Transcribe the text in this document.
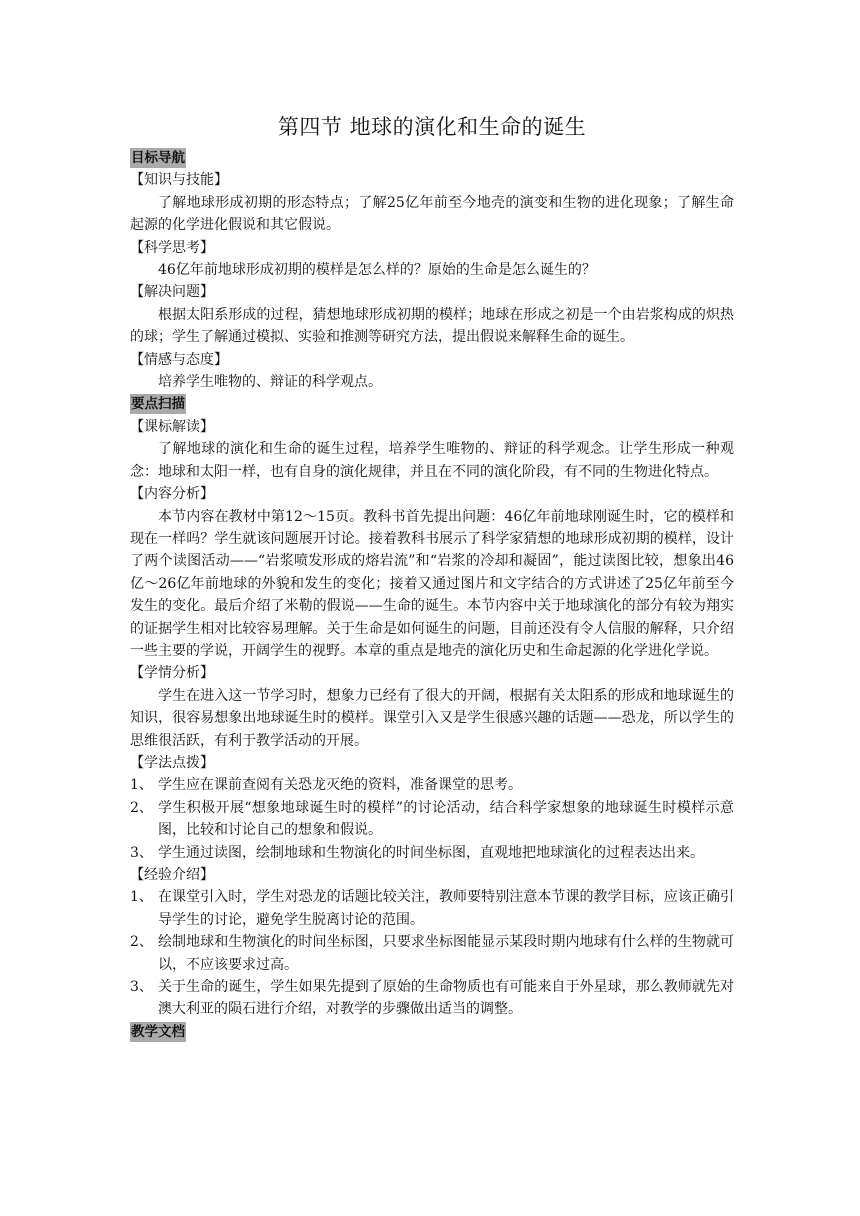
第四节 地球的演化和生命的诞生
目标导航

【知识与技能】

了解地球形成初期的形态特点；了解25亿年前至今地壳的演变和生物的进化现象；了解生命起源的化学进化假说和其它假说。

【科学思考】

46亿年前地球形成初期的模样是怎么样的？原始的生命是怎么诞生的？

【解决问题】

根据太阳系形成的过程，猜想地球形成初期的模样；地球在形成之初是一个由岩浆构成的炽热的球；学生了解通过模拟、实验和推测等研究方法，提出假说来解释生命的诞生。

【情感与态度】

培养学生唯物的、辩证的科学观点。

要点扫描

【课标解读】

了解地球的演化和生命的诞生过程，培养学生唯物的、辩证的科学观念。让学生形成一种观念：地球和太阳一样，也有自身的演化规律，并且在不同的演化阶段，有不同的生物进化特点。

【内容分析】

本节内容在教材中第12～15页。教科书首先提出问题：46亿年前地球刚诞生时，它的模样和现在一样吗？学生就该问题展开讨论。接着教科书展示了科学家猜想的地球形成初期的模样，设计了两个读图活动——“岩浆喷发形成的熔岩流”和“岩浆的冷却和凝固”，能过读图比较，想象出46亿～26亿年前地球的外貌和发生的变化；接着又通过图片和文字结合的方式讲述了25亿年前至今发生的变化。最后介绍了米勒的假说——生命的诞生。本节内容中关于地球演化的部分有较为翔实的证据学生相对比较容易理解。关于生命是如何诞生的问题，目前还没有令人信服的解释，只介绍一些主要的学说，开阔学生的视野。本章的重点是地壳的演化历史和生命起源的化学进化学说。

【学情分析】

学生在进入这一节学习时，想象力已经有了很大的开阔，根据有关太阳系的形成和地球诞生的知识，很容易想象出地球诞生时的模样。课堂引入又是学生很感兴趣的话题——恐龙，所以学生的思维很活跃，有利于教学活动的开展。

【学法点拨】

1、 学生应在课前查阅有关恐龙灭绝的资料，准备课堂的思考。
2、 学生积极开展“想象地球诞生时的模样”的讨论活动，结合科学家想象的地球诞生时模样示意图，比较和讨论自己的想象和假说。
3、 学生通过读图，绘制地球和生物演化的时间坐标图，直观地把地球演化的过程表达出来。

【经验介绍】

1、 在课堂引入时，学生对恐龙的话题比较关注，教师要特别注意本节课的教学目标，应该正确引导学生的讨论，避免学生脱离讨论的范围。
2、 绘制地球和生物演化的时间坐标图，只要求坐标图能显示某段时期内地球有什么样的生物就可以，不应该要求过高。
3、 关于生命的诞生，学生如果先提到了原始的生命物质也有可能来自于外星球，那么教师就先对澳大利亚的陨石进行介绍，对教学的步骤做出适当的调整。
教学文档
